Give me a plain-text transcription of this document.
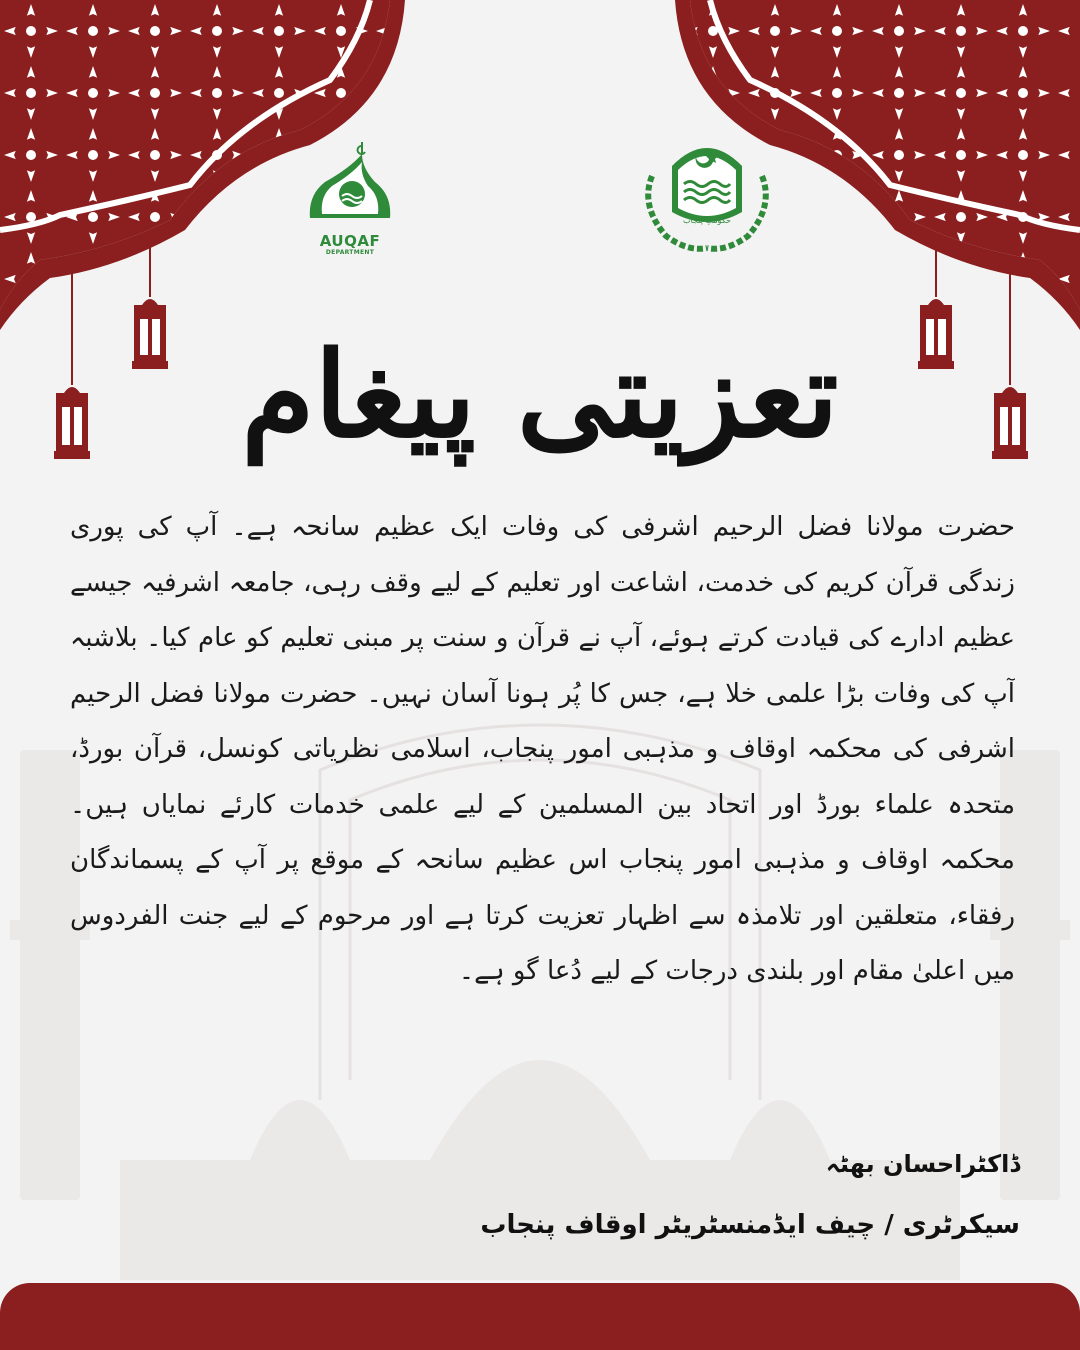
AUQAF
DEPARTMENT
حکومتِ پنجاب
تعزیتی پیغام
حضرت مولانا فضل الرحیم اشرفی کی وفات ایک عظیم سانحہ ہے۔ آپ کی پوری زندگی قرآن کریم کی خدمت، اشاعت اور تعلیم کے لیے وقف رہی، جامعہ اشرفیہ جیسے عظیم ادارے کی قیادت کرتے ہوئے، آپ نے قرآن و سنت پر مبنی تعلیم کو عام کیا۔ بلاشبہ آپ کی وفات بڑا علمی خلا ہے، جس کا پُر ہونا آسان نہیں۔ حضرت مولانا فضل الرحیم اشرفی کی محکمہ اوقاف و مذہبی امور پنجاب، اسلامی نظریاتی کونسل، قرآن بورڈ، متحدہ علماء بورڈ اور اتحاد بین المسلمین کے لیے علمی خدمات کارئے نمایاں ہیں۔ محکمہ اوقاف و مذہبی امور پنجاب اس عظیم سانحہ کے موقع پر آپ کے پسماندگان رفقاء، متعلقین اور تلامذہ سے اظہار تعزیت کرتا ہے اور مرحوم کے لیے جنت الفردوس میں اعلیٰ مقام اور بلندی درجات کے لیے دُعا گو ہے۔
ڈاکٹراحسان بھٹہ
سیکرٹری / چیف ایڈمنسٹریٹر اوقاف پنجاب
